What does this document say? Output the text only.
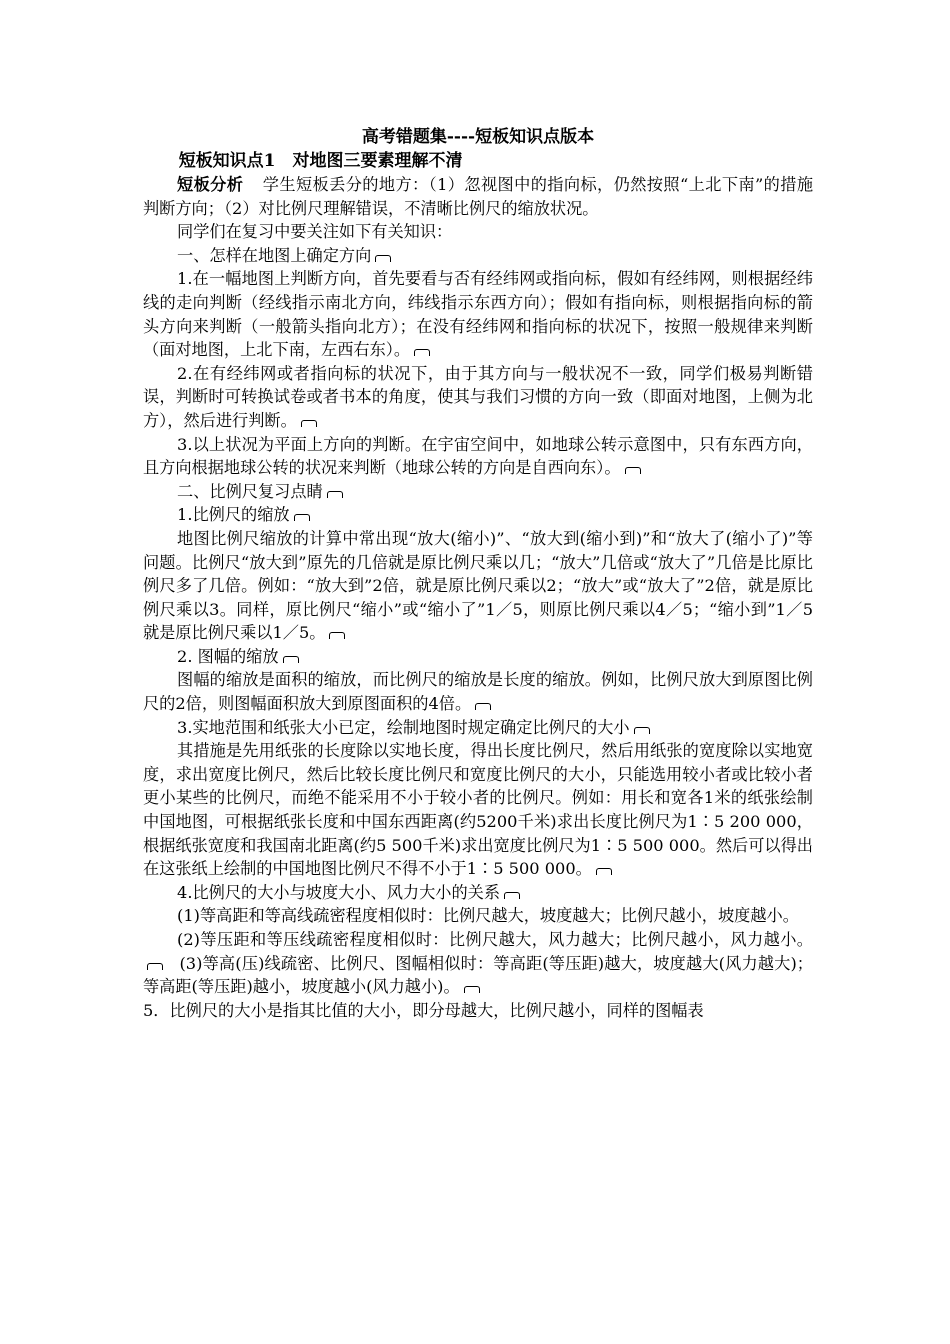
高考错题集----短板知识点版本

短板知识点1　对地图三要素理解不清

短板分析 学生短板丢分的地方：（1）忽视图中的指向标，仍然按照“上北下南”的措施判断方向；（2）对比例尺理解错误，不清晰比例尺的缩放状况。

同学们在复习中要关注如下有关知识：

一、怎样在地图上确定方向

1.在一幅地图上判断方向，首先要看与否有经纬网或指向标，假如有经纬网，则根据经纬线的走向判断（经线指示南北方向，纬线指示东西方向）；假如有指向标，则根据指向标的箭头方向来判断（一般箭头指向北方）；在没有经纬网和指向标的状况下，按照一般规律来判断（面对地图，上北下南，左西右东）。

2.在有经纬网或者指向标的状况下，由于其方向与一般状况不一致，同学们极易判断错误，判断时可转换试卷或者书本的角度，使其与我们习惯的方向一致（即面对地图，上侧为北方），然后进行判断。

3.以上状况为平面上方向的判断。在宇宙空间中，如地球公转示意图中，只有东西方向，且方向根据地球公转的状况来判断（地球公转的方向是自西向东）。

二、比例尺复习点睛

1.比例尺的缩放

地图比例尺缩放的计算中常出现“放大(缩小)”、“放大到(缩小到)”和“放大了(缩小了)”等问题。比例尺“放大到”原先的几倍就是原比例尺乘以几；“放大”几倍或“放大了”几倍是比原比例尺多了几倍。例如：“放大到”2倍，就是原比例尺乘以2；“放大”或“放大了”2倍，就是原比例尺乘以3。同样，原比例尺“缩小”或“缩小了”1／5，则原比例尺乘以4／5；“缩小到”1／5就是原比例尺乘以1／5。

2. 图幅的缩放

图幅的缩放是面积的缩放，而比例尺的缩放是长度的缩放。例如，比例尺放大到原图比例尺的2倍，则图幅面积放大到原图面积的4倍。

3.实地范围和纸张大小已定，绘制地图时规定确定比例尺的大小

其措施是先用纸张的长度除以实地长度，得出长度比例尺，然后用纸张的宽度除以实地宽度，求出宽度比例尺，然后比较长度比例尺和宽度比例尺的大小，只能选用较小者或比较小者更小某些的比例尺，而绝不能采用不小于较小者的比例尺。例如：用长和宽各1米的纸张绘制中国地图，可根据纸张长度和中国东西距离(约5200千米)求出长度比例尺为1∶5 200 000，根据纸张宽度和我国南北距离(约5 500千米)求出宽度比例尺为1∶5 500 000。然后可以得出在这张纸上绘制的中国地图比例尺不得不小于1∶5 500 000。

4.比例尺的大小与坡度大小、风力大小的关系

(1)等高距和等高线疏密程度相似时：比例尺越大，坡度越大；比例尺越小，坡度越小。

(2)等压距和等压线疏密程度相似时：比例尺越大，风力越大；比例尺越小，风力越小。　(3)等高(压)线疏密、比例尺、图幅相似时：等高距(等压距)越大，坡度越大(风力越大)；等高距(等压距)越小，坡度越小(风力越小)。

5．比例尺的大小是指其比值的大小，即分母越大，比例尺越小，同样的图幅表
